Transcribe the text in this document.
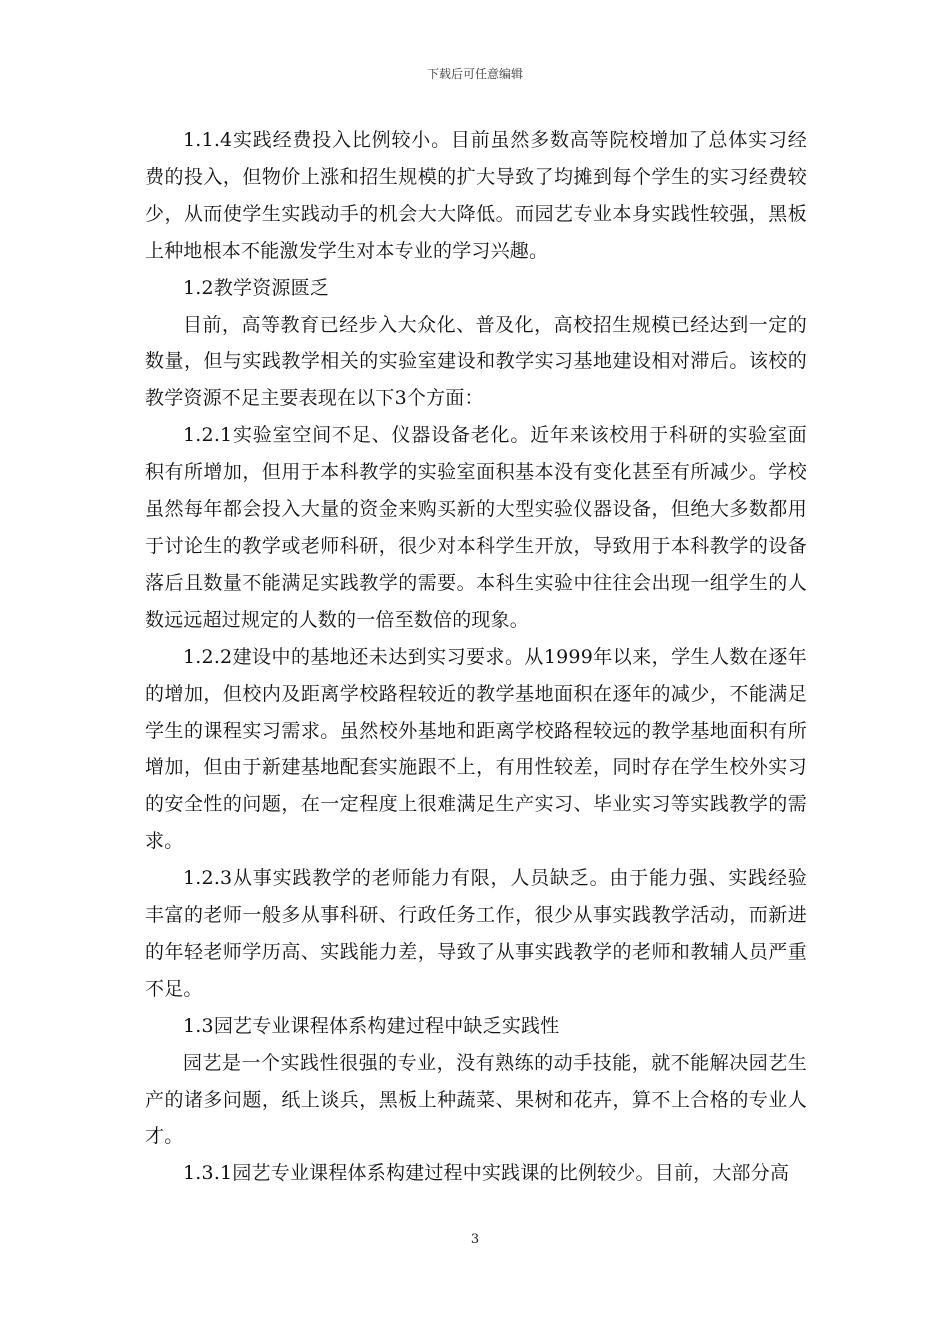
下载后可任意编辑

1.1.4实践经费投入比例较小。目前虽然多数高等院校增加了总体实习经费的投入，但物价上涨和招生规模的扩大导致了均摊到每个学生的实习经费较少，从而使学生实践动手的机会大大降低。而园艺专业本身实践性较强，黑板上种地根本不能激发学生对本专业的学习兴趣。

1.2教学资源匮乏

目前，高等教育已经步入大众化、普及化，高校招生规模已经达到一定的数量，但与实践教学相关的实验室建设和教学实习基地建设相对滞后。该校的教学资源不足主要表现在以下3个方面：

1.2.1实验室空间不足、仪器设备老化。近年来该校用于科研的实验室面积有所增加，但用于本科教学的实验室面积基本没有变化甚至有所减少。学校虽然每年都会投入大量的资金来购买新的大型实验仪器设备，但绝大多数都用于讨论生的教学或老师科研，很少对本科学生开放，导致用于本科教学的设备落后且数量不能满足实践教学的需要。本科生实验中往往会出现一组学生的人数远远超过规定的人数的一倍至数倍的现象。

1.2.2建设中的基地还未达到实习要求。从1999年以来，学生人数在逐年的增加，但校内及距离学校路程较近的教学基地面积在逐年的减少，不能满足学生的课程实习需求。虽然校外基地和距离学校路程较远的教学基地面积有所增加，但由于新建基地配套实施跟不上，有用性较差，同时存在学生校外实习的安全性的问题，在一定程度上很难满足生产实习、毕业实习等实践教学的需求。

1.2.3从事实践教学的老师能力有限，人员缺乏。由于能力强、实践经验丰富的老师一般多从事科研、行政任务工作，很少从事实践教学活动，而新进的年轻老师学历高、实践能力差，导致了从事实践教学的老师和教辅人员严重不足。

1.3园艺专业课程体系构建过程中缺乏实践性

园艺是一个实践性很强的专业，没有熟练的动手技能，就不能解决园艺生产的诸多问题，纸上谈兵，黑板上种蔬菜、果树和花卉，算不上合格的专业人才。

1.3.1园艺专业课程体系构建过程中实践课的比例较少。目前，大部分高

3
